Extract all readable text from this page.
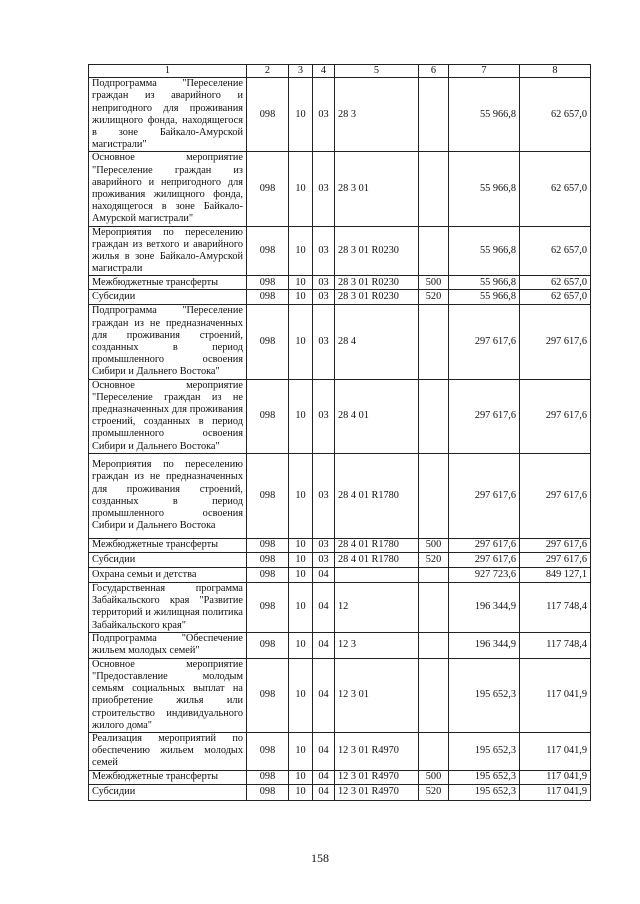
1	2	3	4	5	6	7	8
Подпрограмма "Переселение граждан из аварийного и непригодного для проживания жилищного фонда, находящегося в зоне Байкало-Амурской магистрали"	098	10	03	28 3		55 966,8	62 657,0
Основное мероприятие "Переселение граждан из аварийного и непригодного для проживания жилищного фонда, находящегося в зоне Байкало-Амурской магистрали"	098	10	03	28 3 01		55 966,8	62 657,0
Мероприятия по переселению граждан из ветхого и аварийного жилья в зоне Байкало-Амурской магистрали	098	10	03	28 3 01 R0230		55 966,8	62 657,0
Межбюджетные трансферты	098	10	03	28 3 01 R0230	500	55 966,8	62 657,0
Субсидии	098	10	03	28 3 01 R0230	520	55 966,8	62 657,0
Подпрограмма "Переселение граждан из не предназначенных для проживания строений, созданных в период промышленного освоения Сибири и Дальнего Востока"	098	10	03	28 4		297 617,6	297 617,6
Основное мероприятие "Переселение граждан из не предназначенных для проживания строений, созданных в период промышленного освоения Сибири и Дальнего Востока"	098	10	03	28 4 01		297 617,6	297 617,6
Мероприятия по переселению граждан из не предназначенных для проживания строений, созданных в период промышленного освоения Сибири и Дальнего Востока	098	10	03	28 4 01 R1780		297 617,6	297 617,6
Межбюджетные трансферты	098	10	03	28 4 01 R1780	500	297 617,6	297 617,6
Субсидии	098	10	03	28 4 01 R1780	520	297 617,6	297 617,6
Охрана семьи и детства	098	10	04			927 723,6	849 127,1
Государственная программа Забайкальского края "Развитие территорий и жилищная политика Забайкальского края"	098	10	04	12		196 344,9	117 748,4
Подпрограмма "Обеспечение жильем молодых семей"	098	10	04	12 3		196 344,9	117 748,4
Основное мероприятие "Предоставление молодым семьям социальных выплат на приобретение жилья или строительство индивидуального жилого дома"	098	10	04	12 3 01		195 652,3	117 041,9
Реализация мероприятий по обеспечению жильем молодых семей	098	10	04	12 3 01 R4970		195 652,3	117 041,9
Межбюджетные трансферты	098	10	04	12 3 01 R4970	500	195 652,3	117 041,9
Субсидии	098	10	04	12 3 01 R4970	520	195 652,3	117 041,9
158
